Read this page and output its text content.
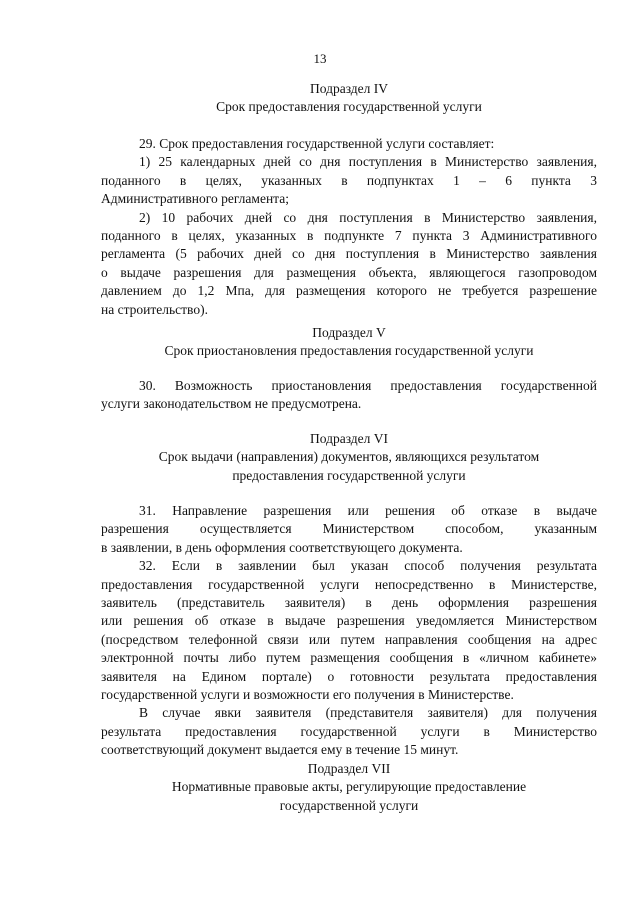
13
Подраздел IV
Срок предоставления государственной услуги
29. Срок предоставления государственной услуги составляет:
1) 25 календарных дней со дня поступления в Министерство заявления,
поданного в целях, указанных в подпунктах 1 – 6 пункта 3
Административного регламента;
2) 10 рабочих дней со дня поступления в Министерство заявления,
поданного в целях, указанных в подпункте 7 пункта 3 Административного
регламента (5 рабочих дней со дня поступления в Министерство заявления
о выдаче разрешения для размещения объекта, являющегося газопроводом
давлением до 1,2 Мпа, для размещения которого не требуется разрешение
на строительство).
Подраздел V
Срок приостановления предоставления государственной услуги
30. Возможность приостановления предоставления государственной
услуги законодательством не предусмотрена.
Подраздел VI
Срок выдачи (направления) документов, являющихся результатом
предоставления государственной услуги
31. Направление разрешения или решения об отказе в выдаче
разрешения осуществляется Министерством способом, указанным
в заявлении, в день оформления соответствующего документа.
32. Если в заявлении был указан способ получения результата
предоставления государственной услуги непосредственно в Министерстве,
заявитель (представитель заявителя) в день оформления разрешения
или решения об отказе в выдаче разрешения уведомляется Министерством
(посредством телефонной связи или путем направления сообщения на адрес
электронной почты либо путем размещения сообщения в «личном кабинете»
заявителя на Едином портале) о готовности результата предоставления
государственной услуги и возможности его получения в Министерстве.
В случае явки заявителя (представителя заявителя) для получения
результата предоставления государственной услуги в Министерство
соответствующий документ выдается ему в течение 15 минут.
Подраздел VII
Нормативные правовые акты, регулирующие предоставление
государственной услуги
